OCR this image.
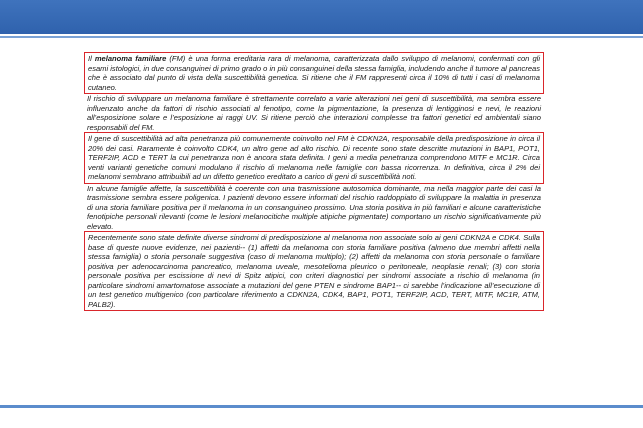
Il melanoma familiare (FM) è una forma ereditaria rara di melanoma, caratterizzata dallo sviluppo di melanomi, confermati con gli esami istologici, in due consanguinei di primo grado o in più consanguinei della stessa famiglia, includendo anche il tumore al pancreas che è associato dal punto di vista della suscettibilità genetica. Si ritiene che il FM rappresenti circa il 10% di tutti i casi di melanoma cutaneo.

Il rischio di sviluppare un melanoma familiare è strettamente correlato a varie alterazioni nei geni di suscettibilità, ma sembra essere influenzato anche da fattori di rischio associati al fenotipo, come la pigmentazione, la presenza di lentigginosi e nevi, le reazioni all’esposizione solare e l’esposizione ai raggi UV. Si ritiene perciò che interazioni complesse tra fattori genetici ed ambientali siano responsabili del FM.

Il gene di suscettibilità ad alta penetranza più comunemente coinvolto nel FM è CDKN2A, responsabile della predisposizione in circa il 20% dei casi. Raramente è coinvolto CDK4, un altro gene ad alto rischio. Di recente sono state descritte mutazioni in BAP1, POT1, TERF2IP, ACD e TERT la cui penetranza non è ancora stata definita. I geni a media penetranza comprendono MITF e MC1R. Circa venti varianti genetiche comuni modulano il rischio di melanoma nelle famiglie con bassa ricorrenza. In definitiva, circa il 2% dei melanomi sembrano attribuibili ad un difetto genetico ereditato a carico di geni di suscettibilità noti.

In alcune famiglie affette, la suscettibilità è coerente con una trasmissione autosomica dominante, ma nella maggior parte dei casi la trasmissione sembra essere poligenica. I pazienti devono essere informati del rischio raddoppiato di sviluppare la malattia in presenza di una storia familiare positiva per il melanoma in un consanguineo prossimo. Una storia positiva in più familiari e alcune caratteristiche fenotipiche personali rilevanti (come le lesioni melanocitiche multiple atipiche pigmentate) comportano un rischio significativamente più elevato.

Recentemente sono state definite diverse sindromi di predisposizione al melanoma non associate solo ai geni CDKN2A e CDK4. Sulla base di queste nuove evidenze, nei pazienti-- (1) affetti da melanoma con storia familiare positiva (almeno due membri affetti nella stessa famiglia) o storia personale suggestiva (caso di melanoma multiplo); (2) affetti da melanoma con storia personale o familiare positiva per adenocarcinoma pancreatico, melanoma uveale, mesotelioma pleurico o peritoneale, neoplasie renali; (3) con storia personale positiva per escissione di nevi di Spitz atipici, con criteri diagnostici per sindromi associate a rischio di melanoma (in particolare sindromi amartomatose associate a mutazioni del gene PTEN e sindrome BAP1-- ci sarebbe l’indicazione all’esecuzione di un test genetico multigenico (con particolare riferimento a CDKN2A, CDK4, BAP1, POT1, TERF2IP, ACD, TERT, MITF, MC1R, ATM, PALB2).
